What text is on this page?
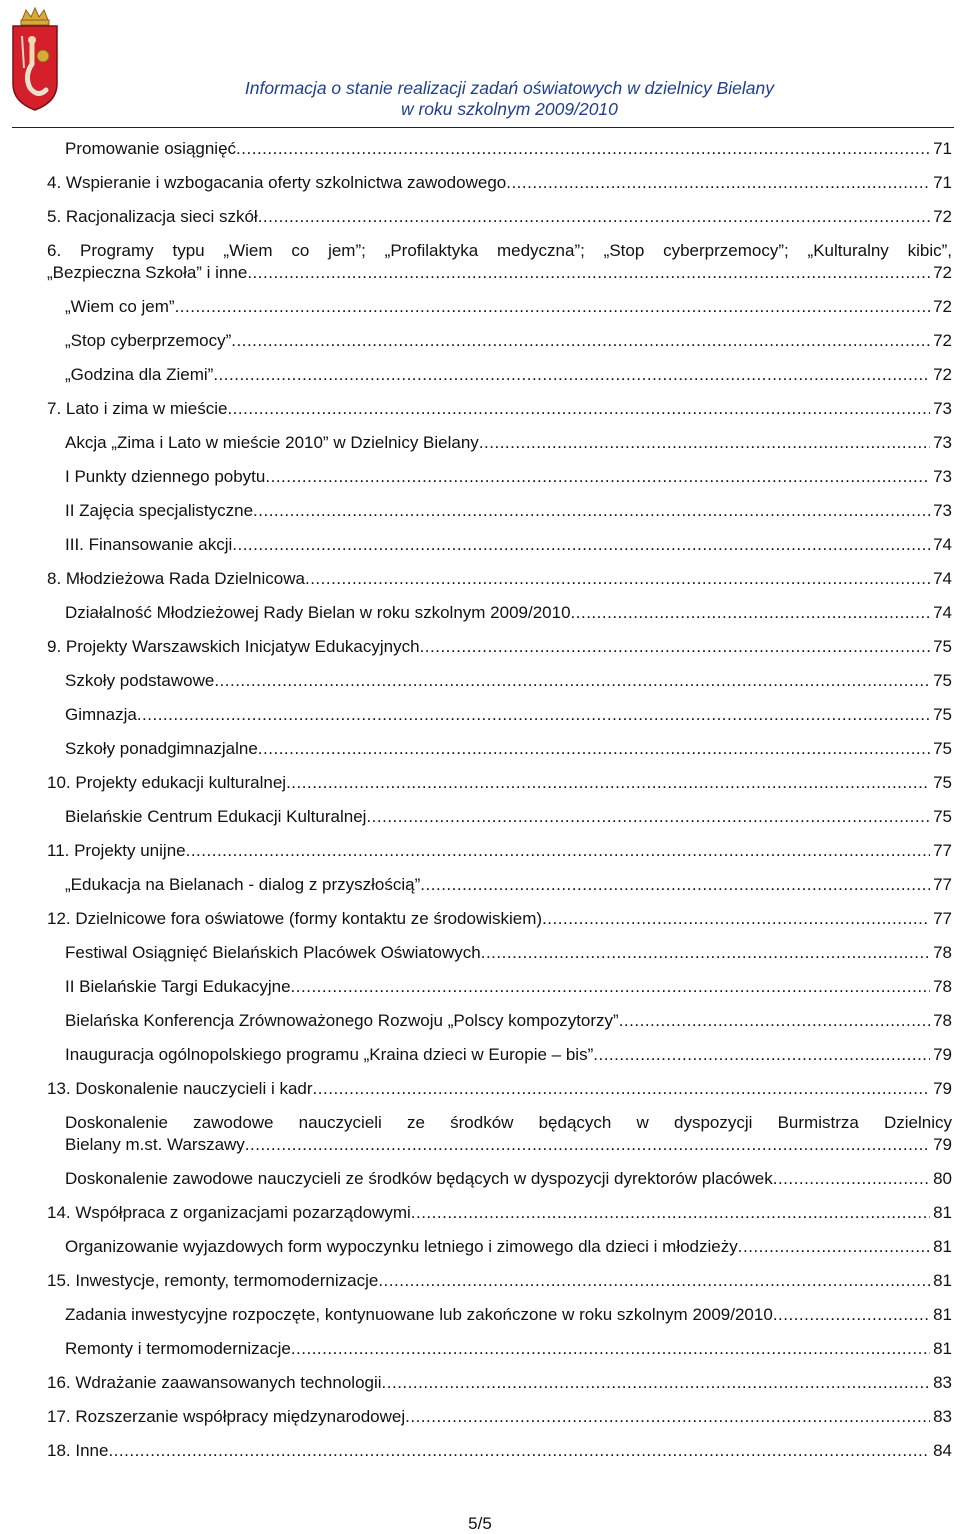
Informacja o stanie realizacji zadań oświatowych w dzielnicy Bielany
w roku szkolnym 2009/2010
Promowanie osiągnięć .....	71
4. Wspieranie i wzbogacania oferty szkolnictwa zawodowego .....	71
5. Racjonalizacja sieci szkół .....	72
6. Programy typu „Wiem co jem”; „Profilaktyka medyczna”; „Stop cyberprzemocy”; „Kulturalny kibic”,
„Bezpieczna Szkoła” i inne .....	72
„Wiem co jem” .....	72
„Stop cyberprzemocy” .....	72
„Godzina dla Ziemi” .....	72
7. Lato i zima w mieście .....	73
Akcja „Zima i Lato w mieście 2010” w Dzielnicy Bielany .....	73
I Punkty dziennego pobytu .....	73
II Zajęcia specjalistyczne .....	73
III. Finansowanie akcji .....	74
8. Młodzieżowa Rada Dzielnicowa .....	74
Działalność Młodzieżowej Rady Bielan w roku szkolnym 2009/2010 .....	74
9. Projekty Warszawskich Inicjatyw Edukacyjnych .....	75
Szkoły podstawowe .....	75
Gimnazja .....	75
Szkoły ponadgimnazjalne .....	75
10. Projekty edukacji kulturalnej .....	75
Bielańskie Centrum Edukacji Kulturalnej .....	75
11. Projekty unijne .....	77
„Edukacja na Bielanach - dialog z przyszłością” .....	77
12. Dzielnicowe fora oświatowe (formy kontaktu ze środowiskiem) .....	77
Festiwal Osiągnięć Bielańskich Placówek Oświatowych .....	78
II Bielańskie Targi Edukacyjne .....	78
Bielańska Konferencja Zrównoważonego Rozwoju „Polscy kompozytorzy” .....	78
Inauguracja ogólnopolskiego programu „Kraina dzieci w Europie – bis” .....	79
13. Doskonalenie nauczycieli i kadr .....	79
Doskonalenie zawodowe nauczycieli ze środków będących w dyspozycji Burmistrza Dzielnicy
Bielany m.st. Warszawy .....	79
Doskonalenie zawodowe nauczycieli ze środków będących w dyspozycji dyrektorów placówek .....	80
14. Współpraca z organizacjami pozarządowymi .....	81
Organizowanie wyjazdowych form wypoczynku letniego i zimowego dla dzieci i młodzieży .....	81
15. Inwestycje, remonty, termomodernizacje .....	81
Zadania inwestycyjne rozpoczęte, kontynuowane lub zakończone w roku szkolnym 2009/2010 .....	81
Remonty i termomodernizacje .....	81
16. Wdrażanie zaawansowanych technologii .....	83
17. Rozszerzanie współpracy międzynarodowej .....	83
18. Inne .....	84
5/5
